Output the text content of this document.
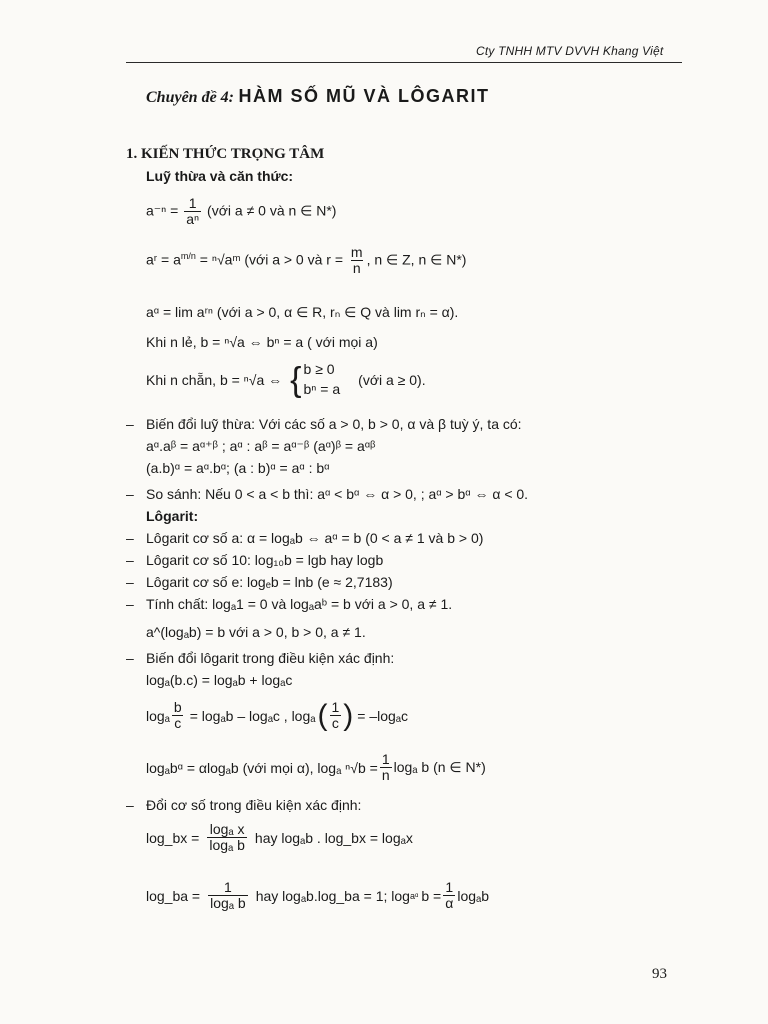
Cty TNHH MTV DVVH Khang Việt
Chuyên đề 4: HÀM SỐ MŨ VÀ LÔGARIT
1. KIẾN THỨC TRỌNG TÂM
Luỹ thừa và căn thức:
$a^{-n} = \frac{1}{\text{aⁿ}}$ (với a ≠ 0 và n ∈ N*)
aʳ = $a^{m/n}$ = ⁿ√aᵐ (với a > 0 và $r = \frac{m}{n}$ , n ∈ Z, n ∈ N*)
aᵅ = lim aʳⁿ (với a > 0, α ∈ R, rₙ ∈ Q và lim rₙ = α).
Khi n lẻ, b = ⁿ√a ⇔ bⁿ = a ( với mọi a)
Khi n chẵn, b = ⁿ√a ⇔ { b ≥ 0
bⁿ = a
(với a ≥ 0).
– Biến đổi luỹ thừa: Với các số a > 0, b > 0, α và β tuỳ ý, ta có:
aᵅ.aᵝ = aᵅ⁺ᵝ ; aᵅ : aᵝ = aᵅ⁻ᵝ (aᵅ)ᵝ = aᵅᵝ
(a.b)ᵅ = aᵅ.bᵅ; (a : b)ᵅ = aᵅ : bᵅ
– So sánh: Nếu 0 < a < b thì: aᵅ < bᵅ ⇔ α > 0, ; aᵅ > bᵅ ⇔ α < 0.
Lôgarit:
– Lôgarit cơ số a: α = logₐb ⇔ aᵅ = b (0 < a ≠ 1 và b > 0)
– Lôgarit cơ số 10: log₁₀b = lgb hay logb
– Lôgarit cơ số e: logₑb = lnb (e ≈ 2,7183)
– Tính chất: logₐ1 = 0 và logₐaᵇ = b với a > 0, a ≠ 1.
a^(logₐb) = b với a > 0, b > 0, a ≠ 1.
– Biến đổi lôgarit trong điều kiện xác định:
logₐ(b.c) = logₐb + logₐc
logₐ $\frac{b}{c} = \log_ab - \log_ac$ , logₐ ( $\frac{1}{c}$ ) = –logₐc
logₐbᵅ = αlogₐb (với mọi α), logₐ $^n√b = \frac{1}{n}$ logₐ b (n ∈ N*)
– Đổi cơ số trong điều kiện xác định:
log_bx = $\frac{\text{logₐ x}}{\text{logₐ b}}$ hay logₐb . log_bx = logₐx
log_ba = $\frac{1}{\text{logₐ b}}$ hay logₐb.log_ba = 1; log aᵅ $b = \frac{1}{\alpha}$ logₐb
93
